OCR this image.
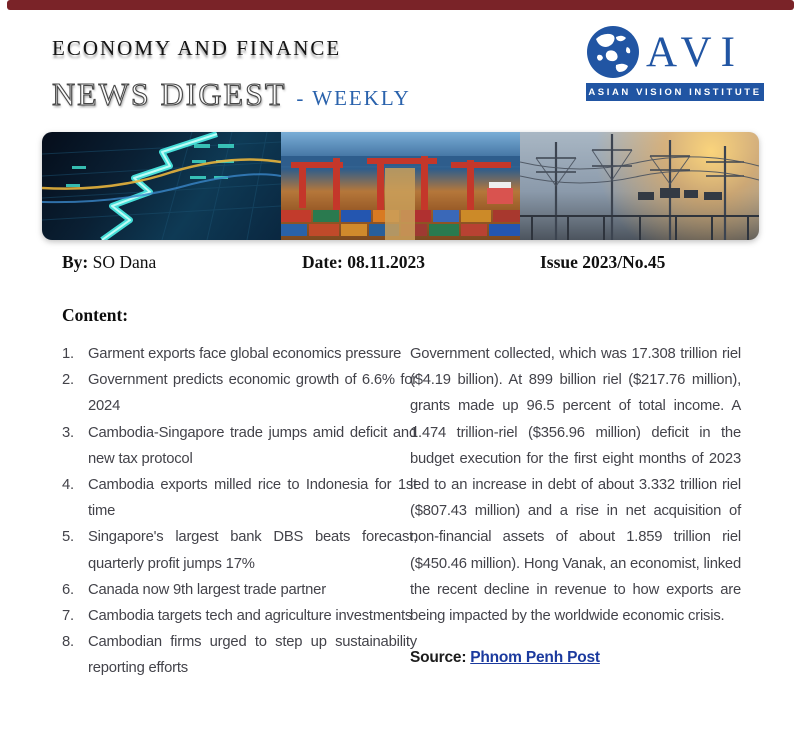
ECONOMY AND FINANCE
NEWS DIGEST - WEEKLY
AVI
ASIAN VISION INSTITUTE
By: SO Dana	Date: 08.11.2023	Issue 2023/No.45
Content:
Garment exports face global economics pressure
Government predicts economic growth of 6.6% for 2024
Cambodia-Singapore trade jumps amid deficit and new tax protocol
Cambodia exports milled rice to Indonesia for 1st time
Singapore's largest bank DBS beats forecast, quarterly profit jumps 17%
Canada now 9th largest trade partner
Cambodia targets tech and agriculture investments
Cambodian firms urged to step up sustainability reporting efforts

Government collected, which was 17.308 trillion riel ($4.19 billion). At 899 billion riel ($217.76 million), grants made up 96.5 percent of total income. A 1.474 trillion-riel ($356.96 million) deficit in the budget execution for the first eight months of 2023 led to an increase in debt of about 3.332 trillion riel ($807.43 million) and a rise in net acquisition of non-financial assets of about 1.859 trillion riel ($450.46 million). Hong Vanak, an economist, linked the recent decline in revenue to how exports are being impacted by the worldwide economic crisis.

Source: Phnom Penh Post
